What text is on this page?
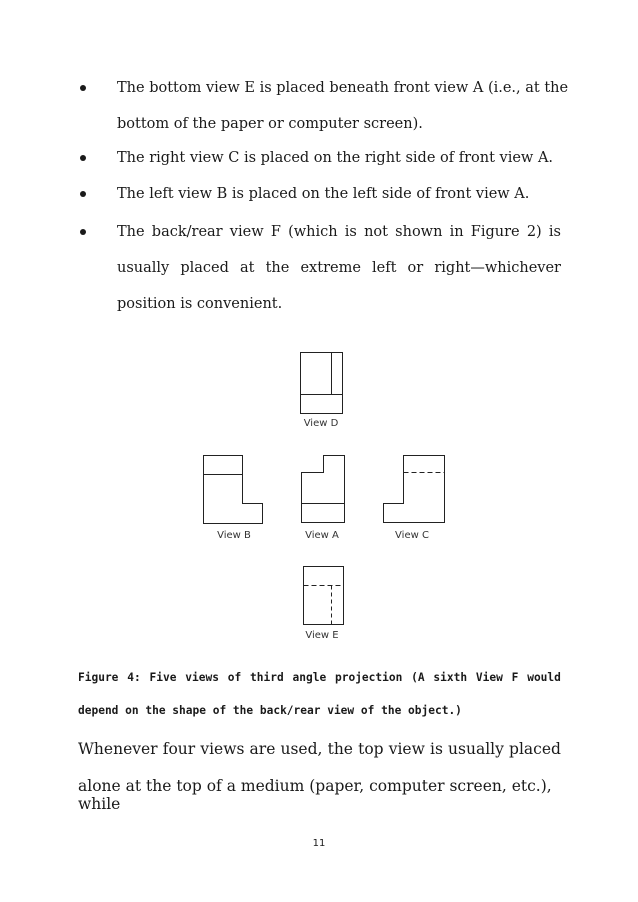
The bottom view E is placed beneath front view A (i.e., at the
bottom of the paper or computer screen).
The right view C is placed on the right side of front view A.
The left view B is placed on the left side of front view A.
The back/rear view F (which is not shown in Figure 2) is
usually placed at the extreme left or right—whichever
position is convenient.
View D
View B	View A	View C
View E
Figure 4: Five views of third angle projection (A sixth View F would
depend on the shape of the back/rear view of the object.)
Whenever four views are used, the top view is usually placed
alone at the top of a medium (paper, computer screen, etc.), while
11
